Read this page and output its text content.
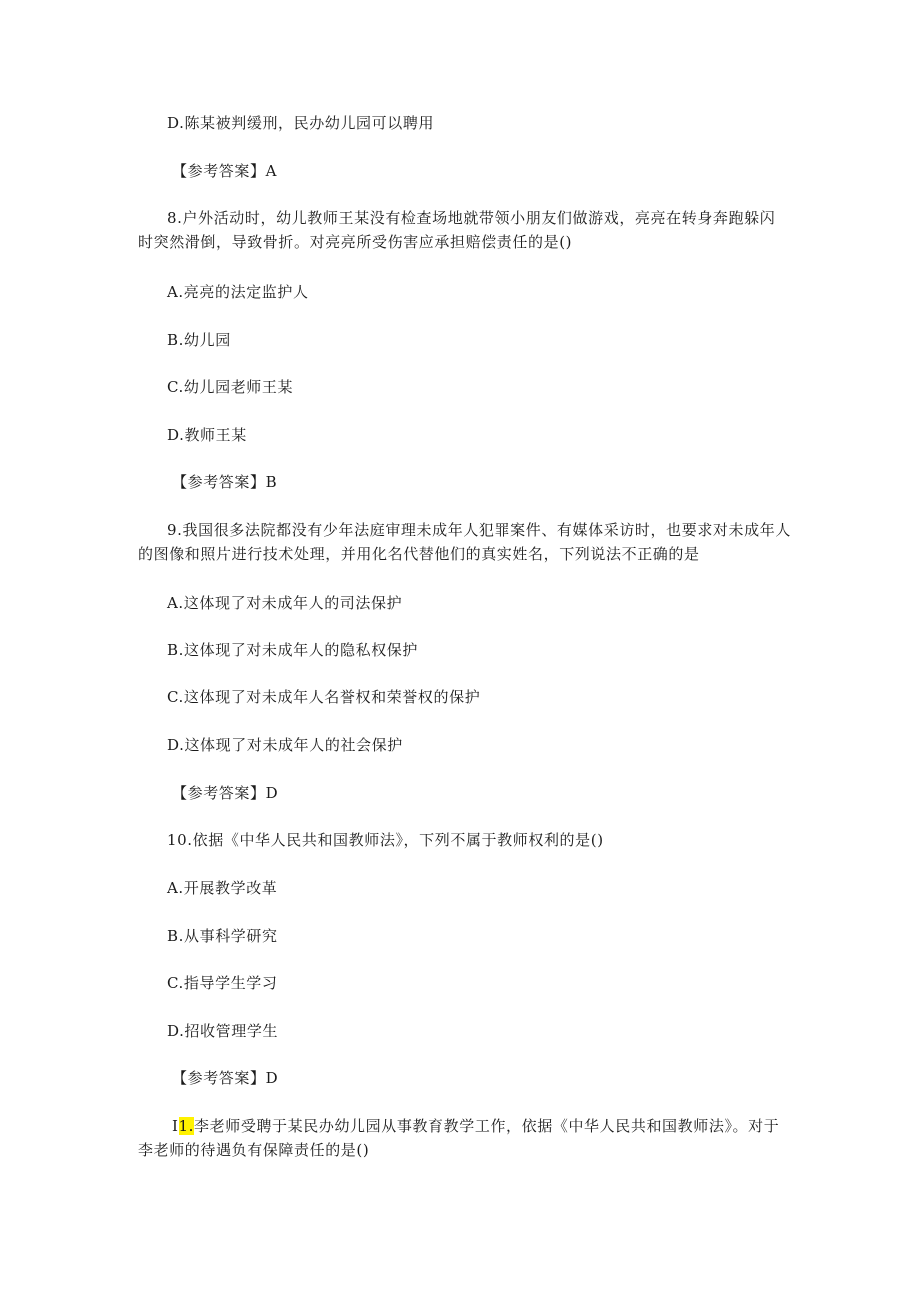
D.陈某被判缓刑，民办幼儿园可以聘用
【参考答案】A
8.户外活动时，幼儿教师王某没有检查场地就带领小朋友们做游戏，亮亮在转身奔跑躲闪
时突然滑倒，导致骨折。对亮亮所受伤害应承担赔偿责任的是()
A.亮亮的法定监护人
B.幼儿园
C.幼儿园老师王某
D.教师王某
【参考答案】B
9.我国很多法院都没有少年法庭审理未成年人犯罪案件、有媒体采访时，也要求对未成年人
的图像和照片进行技术处理，并用化名代替他们的真实姓名，下列说法不正确的是
A.这体现了对未成年人的司法保护
B.这体现了对未成年人的隐私权保护
C.这体现了对未成年人名誉权和荣誉权的保护
D.这体现了对未成年人的社会保护
【参考答案】D
10.依据《中华人民共和国教师法》，下列不属于教师权利的是()
A.开展教学改革
B.从事科学研究
C.指导学生学习
D.招收管理学生
【参考答案】D
I1.李老师受聘于某民办幼儿园从事教育教学工作，依据《中华人民共和国教师法》。对于
李老师的待遇负有保障责任的是()
